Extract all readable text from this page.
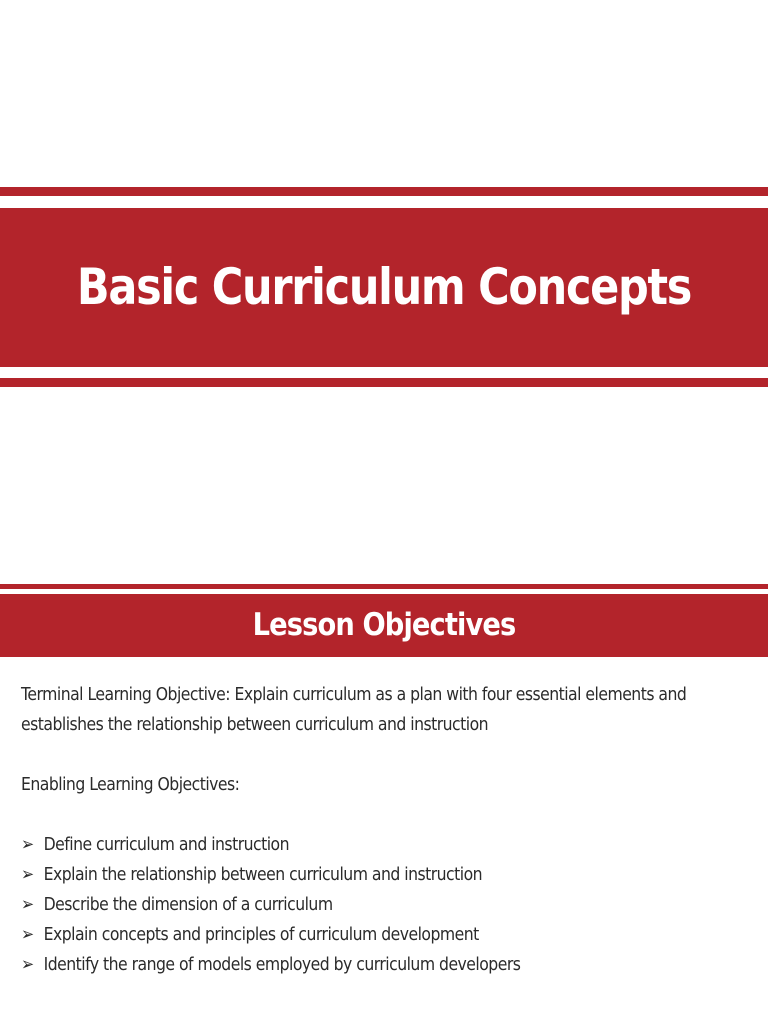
Basic Curriculum Concepts
Lesson Objectives

Terminal Learning Objective: Explain curriculum as a plan with four essential elements and

establishes the relationship between curriculum and instruction

Enabling Learning Objectives:

➢ Define curriculum and instruction
➢ Explain the relationship between curriculum and instruction
➢ Describe the dimension of a curriculum
➢ Explain concepts and principles of curriculum development
➢ Identify the range of models employed by curriculum developers
